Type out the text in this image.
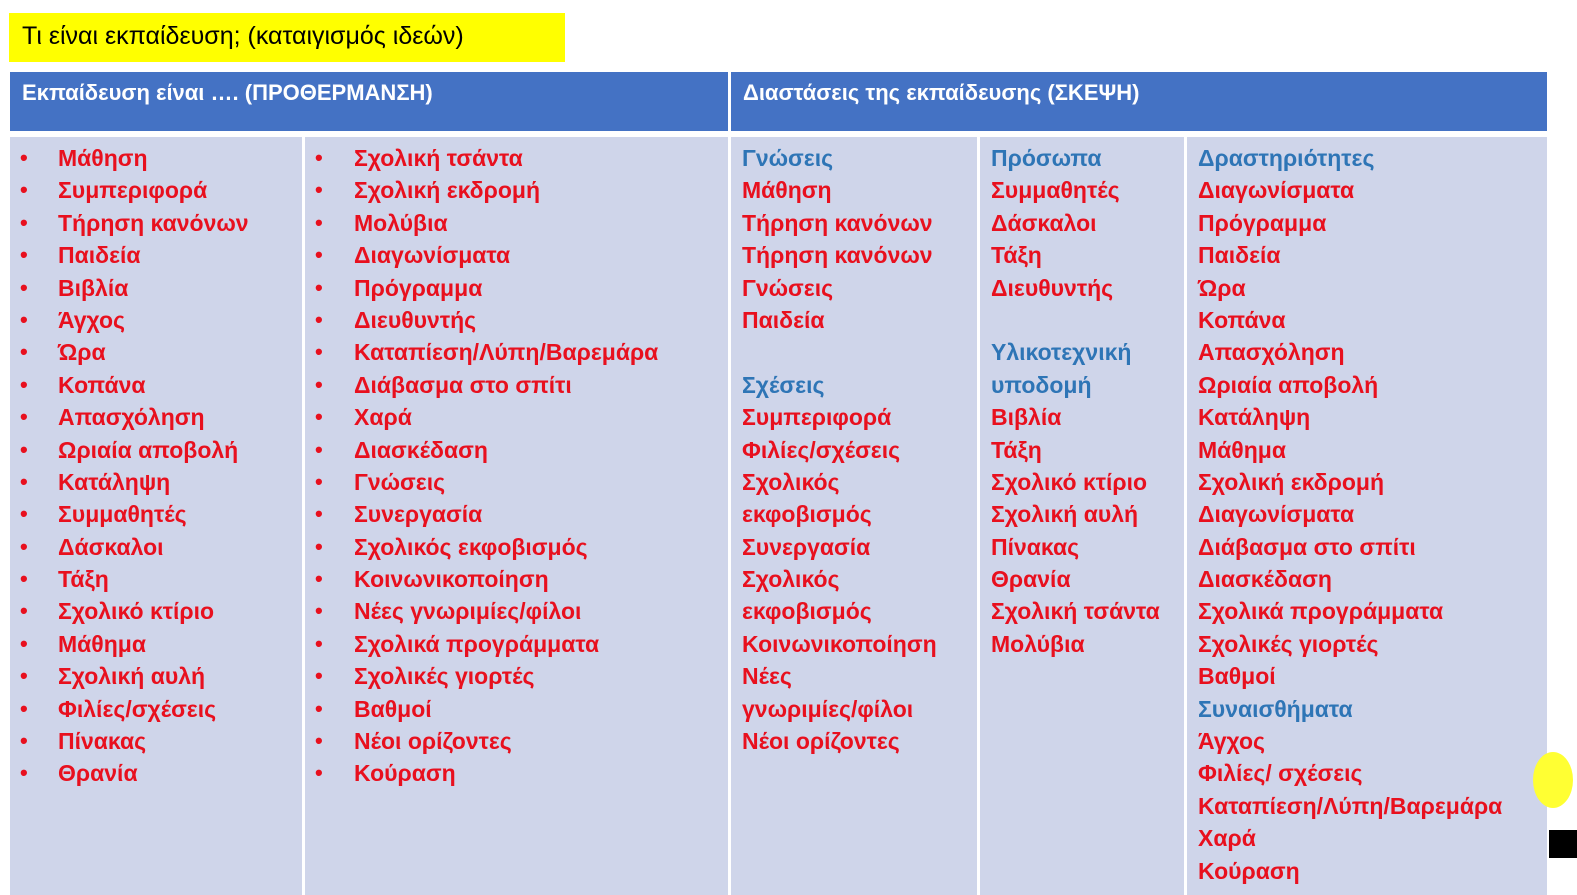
Τι είναι εκπαίδευση; (καταιγισμός ιδεών)
Εκπαίδευση είναι …. (ΠΡΟΘΕΡΜΑΝΣΗ)	Διαστάσεις της εκπαίδευσης (ΣΚΕΨΗ)
• Μάθηση
• Συμπεριφορά
• Τήρηση κανόνων
• Παιδεία
• Βιβλία
• Άγχος
• Ώρα
• Κοπάνα
• Απασχόληση
• Ωριαία αποβολή
• Κατάληψη
• Συμμαθητές
• Δάσκαλοι
• Τάξη
• Σχολικό κτίριο
• Μάθημα
• Σχολική αυλή
• Φιλίες/σχέσεις
• Πίνακας
• Θρανία
• Σχολική τσάντα
• Σχολική εκδρομή
• Μολύβια
• Διαγωνίσματα
• Πρόγραμμα
• Διευθυντής
• Καταπίεση/Λύπη/Βαρεμάρα
• Διάβασμα στο σπίτι
• Χαρά
• Διασκέδαση
• Γνώσεις
• Συνεργασία
• Σχολικός εκφοβισμός
• Κοινωνικοποίηση
• Νέες γνωριμίες/φίλοι
• Σχολικά προγράμματα
• Σχολικές γιορτές
• Βαθμοί
• Νέοι ορίζοντες
• Κούραση
Γνώσεις
Μάθηση
Τήρηση κανόνων
Τήρηση κανόνων
Γνώσεις
Παιδεία
Σχέσεις
Συμπεριφορά
Φιλίες/σχέσεις
Σχολικός
εκφοβισμός
Συνεργασία
Σχολικός
εκφοβισμός
Κοινωνικοποίηση
Νέες
γνωριμίες/φίλοι
Νέοι ορίζοντες
Πρόσωπα
Συμμαθητές
Δάσκαλοι
Τάξη
Διευθυντής
Υλικοτεχνική
υποδομή
Βιβλία
Τάξη
Σχολικό κτίριο
Σχολική αυλή
Πίνακας
Θρανία
Σχολική τσάντα
Μολύβια
Δραστηριότητες
Διαγωνίσματα
Πρόγραμμα
Παιδεία
Ώρα
Κοπάνα
Απασχόληση
Ωριαία αποβολή
Κατάληψη
Μάθημα
Σχολική εκδρομή
Διαγωνίσματα
Διάβασμα στο σπίτι
Διασκέδαση
Σχολικά προγράμματα
Σχολικές γιορτές
Βαθμοί
Συναισθήματα
Άγχος
Φιλίες/ σχέσεις
Καταπίεση/Λύπη/Βαρεμάρα
Χαρά
Κούραση
